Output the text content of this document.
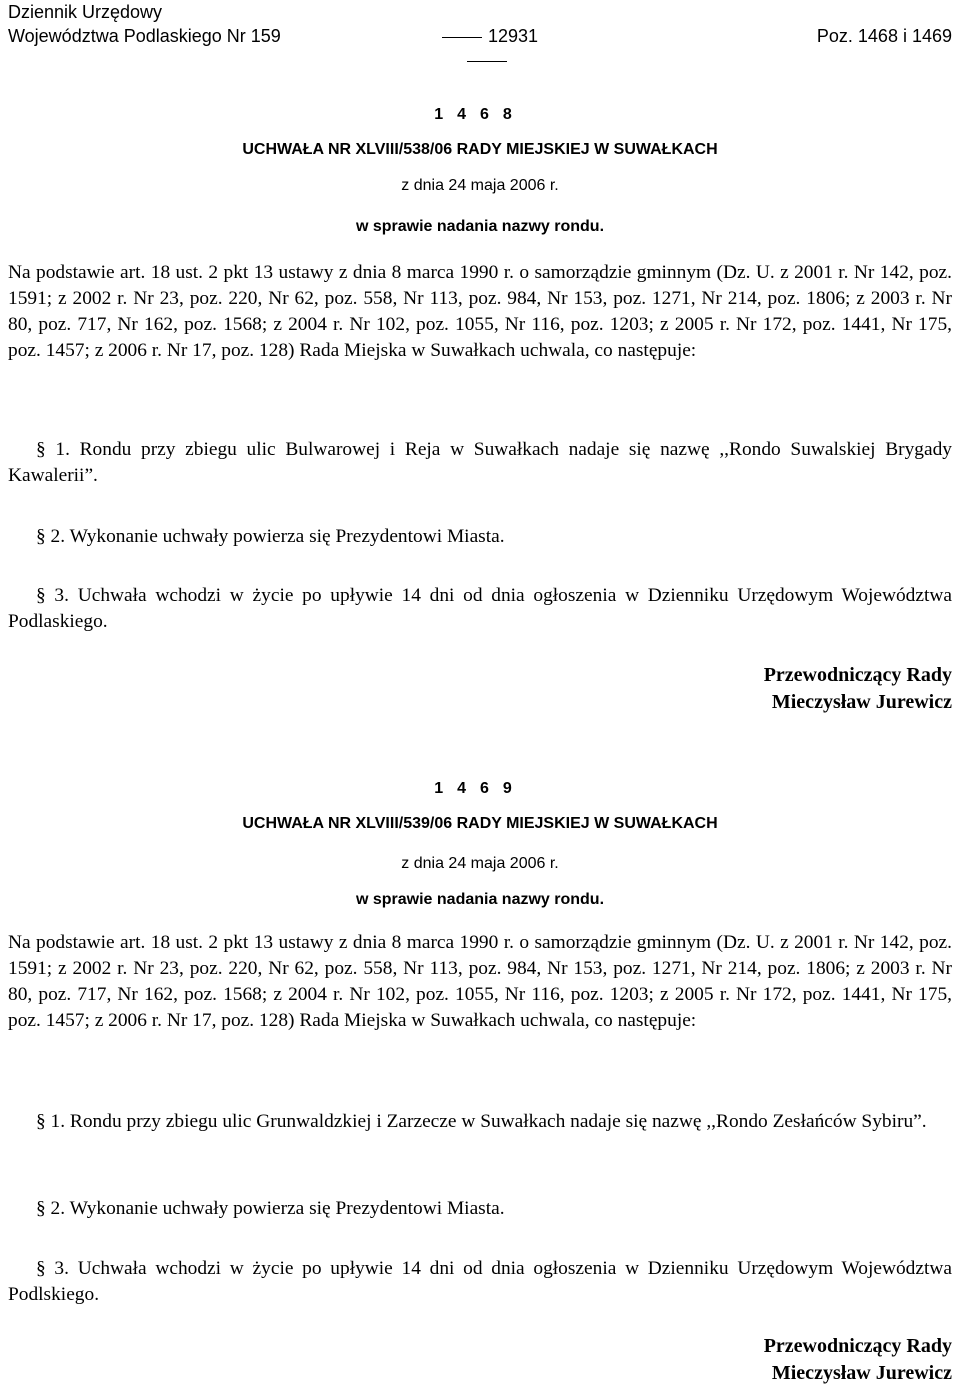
Dziennik Urzędowy
Województwa Podlaskiego Nr 159	12931	Poz. 1468 i 1469
1468
UCHWAŁA NR XLVIII/538/06 RADY MIEJSKIEJ W SUWAŁKACH
z dnia 24 maja 2006 r.
w sprawie nadania nazwy rondu.
Na podstawie art. 18 ust. 2 pkt 13 ustawy z dnia 8 marca 1990 r. o samorządzie gminnym (Dz. U. z 2001 r. Nr 142, poz. 1591; z 2002 r. Nr 23, poz. 220, Nr 62, poz. 558, Nr 113, poz. 984, Nr 153, poz. 1271, Nr 214, poz. 1806; z 2003 r. Nr 80, poz. 717, Nr 162, poz. 1568; z 2004 r. Nr 102, poz. 1055, Nr 116, poz. 1203; z 2005 r. Nr 172, poz. 1441, Nr 175, poz. 1457; z 2006 r. Nr 17, poz. 128) Rada Miejska w Suwałkach uchwala, co następuje:
§ 1. Rondu przy zbiegu ulic Bulwarowej i Reja w Suwałkach nadaje się nazwę ,,Rondo Suwalskiej Brygady Kawalerii”.
§ 2. Wykonanie uchwały powierza się Prezydentowi Miasta.
§ 3. Uchwała wchodzi w życie po upływie 14 dni od dnia ogłoszenia w Dzienniku Urzędowym Województwa Podlaskiego.
Przewodniczący Rady
Mieczysław Jurewicz
1469
UCHWAŁA NR XLVIII/539/06 RADY MIEJSKIEJ W SUWAŁKACH
z dnia 24 maja 2006 r.
w sprawie nadania nazwy rondu.
Na podstawie art. 18 ust. 2 pkt 13 ustawy z dnia 8 marca 1990 r. o samorządzie gminnym (Dz. U. z 2001 r. Nr 142, poz. 1591; z 2002 r. Nr 23, poz. 220, Nr 62, poz. 558, Nr 113, poz. 984, Nr 153, poz. 1271, Nr 214, poz. 1806; z 2003 r. Nr 80, poz. 717, Nr 162, poz. 1568; z 2004 r. Nr 102, poz. 1055, Nr 116, poz. 1203; z 2005 r. Nr 172, poz. 1441, Nr 175, poz. 1457; z 2006 r. Nr 17, poz. 128) Rada Miejska w Suwałkach uchwala, co następuje:
§ 1. Rondu przy zbiegu ulic Grunwaldzkiej i Zarzecze w Suwałkach nadaje się nazwę ,,Rondo Zesłańców Sybiru”.
§ 2. Wykonanie uchwały powierza się Prezydentowi Miasta.
§ 3. Uchwała wchodzi w życie po upływie 14 dni od dnia ogłoszenia w Dzienniku Urzędowym Województwa Podlskiego.
Przewodniczący Rady
Mieczysław Jurewicz
